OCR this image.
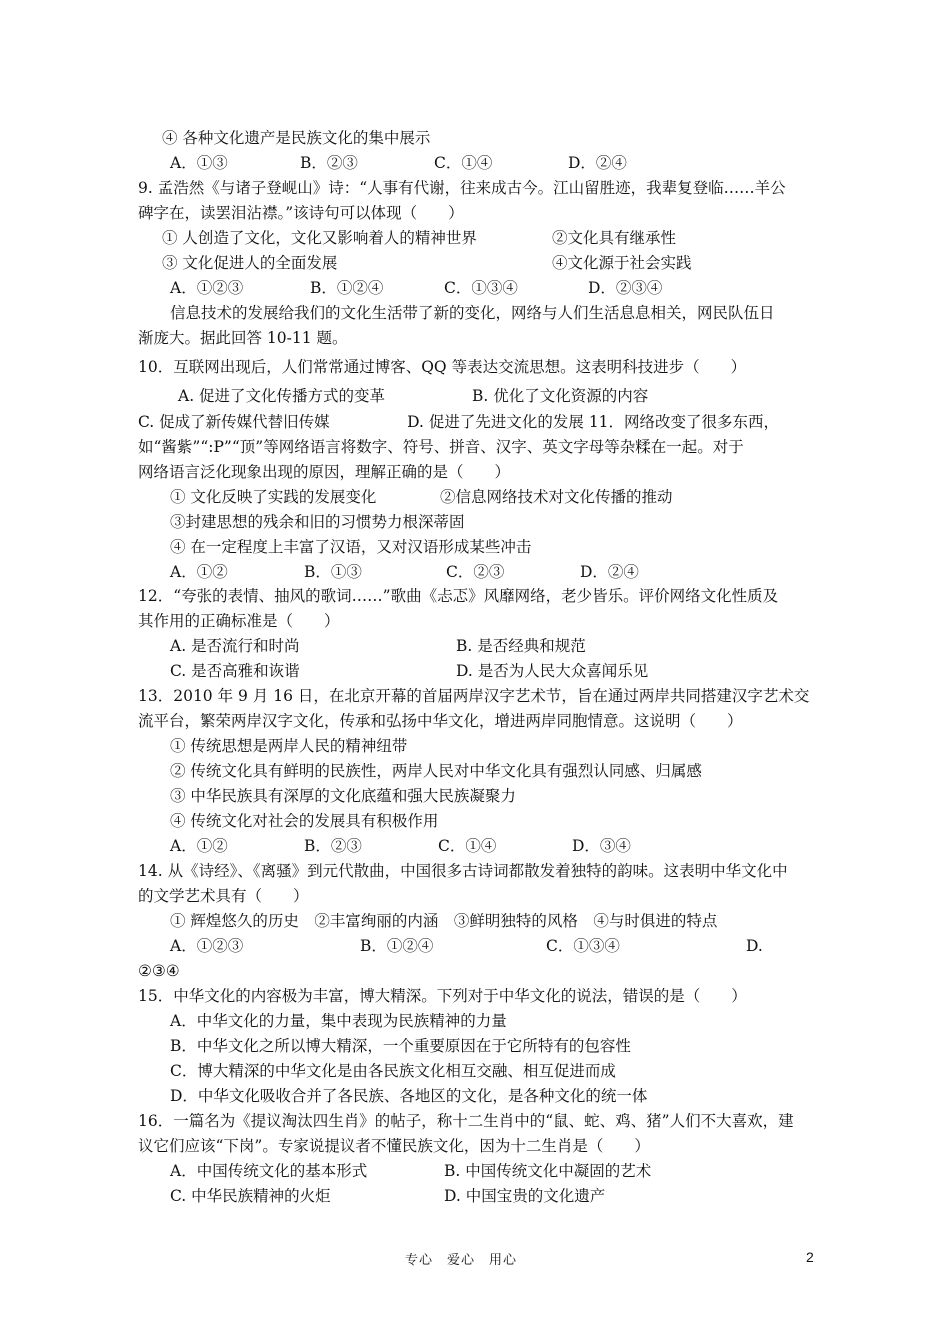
④ 各种文化遗产是民族文化的集中展示
A．①③	B．②③	C．①④	D．②④
9. 孟浩然《与诸子登岘山》诗：“人事有代谢，往来成古今。江山留胜迹，我辈复登临……羊公
碑字在，读罢泪沾襟。”该诗句可以体现（　　）
① 人创造了文化，文化又影响着人的精神世界	②文化具有继承性
③ 文化促进人的全面发展	④文化源于社会实践
A．①②③	B．①②④	C．①③④	D．②③④
信息技术的发展给我们的文化生活带了新的变化，网络与人们生活息息相关，网民队伍日
渐庞大。据此回答 10-11 题。
10．互联网出现后，人们常常通过博客、QQ 等表达交流思想。这表明科技进步（　　）
A. 促进了文化传播方式的变革	B. 优化了文化资源的内容
C. 促成了新传媒代替旧传媒　　　　　D. 促进了先进文化的发展 11．网络改变了很多东西，
如“酱紫”“:P”“顶”等网络语言将数字、符号、拼音、汉字、英文字母等杂糅在一起。对于
网络语言泛化现象出现的原因，理解正确的是（　　）
① 文化反映了实践的发展变化	②信息网络技术对文化传播的推动
③封建思想的残余和旧的习惯势力根深蒂固
④ 在一定程度上丰富了汉语，又对汉语形成某些冲击
A．①②	B．①③	C．②③	D．②④
12．“夸张的表情、抽风的歌词……”歌曲《忐忑》风靡网络，老少皆乐。评价网络文化性质及
其作用的正确标准是（　　）
A. 是否流行和时尚	B. 是否经典和规范
C. 是否高雅和诙谐	D. 是否为人民大众喜闻乐见
13．2010 年 9 月 16 日，在北京开幕的首届两岸汉字艺术节，旨在通过两岸共同搭建汉字艺术交
流平台，繁荣两岸汉字文化，传承和弘扬中华文化，增进两岸同胞情意。这说明（　　）
① 传统思想是两岸人民的精神纽带
② 传统文化具有鲜明的民族性，两岸人民对中华文化具有强烈认同感、归属感
③ 中华民族具有深厚的文化底蕴和强大民族凝聚力
④ 传统文化对社会的发展具有积极作用
A．①②	B．②③	C．①④	D．③④
14. 从《诗经》、《离骚》到元代散曲，中国很多古诗词都散发着独特的韵味。这表明中华文化中
的文学艺术具有（　　）
① 辉煌悠久的历史　②丰富绚丽的内涵　③鲜明独特的风格　④与时俱进的特点
A．①②③	B．①②④	C．①③④	D.
②③④
15．中华文化的内容极为丰富，博大精深。下列对于中华文化的说法，错误的是（　　）
A．中华文化的力量，集中表现为民族精神的力量
B．中华文化之所以博大精深，一个重要原因在于它所特有的包容性
C．博大精深的中华文化是由各民族文化相互交融、相互促进而成
D．中华文化吸收合并了各民族、各地区的文化，是各种文化的统一体
16．一篇名为《提议淘汰四生肖》的帖子，称十二生肖中的“鼠、蛇、鸡、猪”人们不大喜欢，建
议它们应该“下岗”。专家说提议者不懂民族文化，因为十二生肖是（　　）
A．中国传统文化的基本形式	B. 中国传统文化中凝固的艺术
C. 中华民族精神的火炬	D. 中国宝贵的文化遗产
专心　爱心　用心	2
